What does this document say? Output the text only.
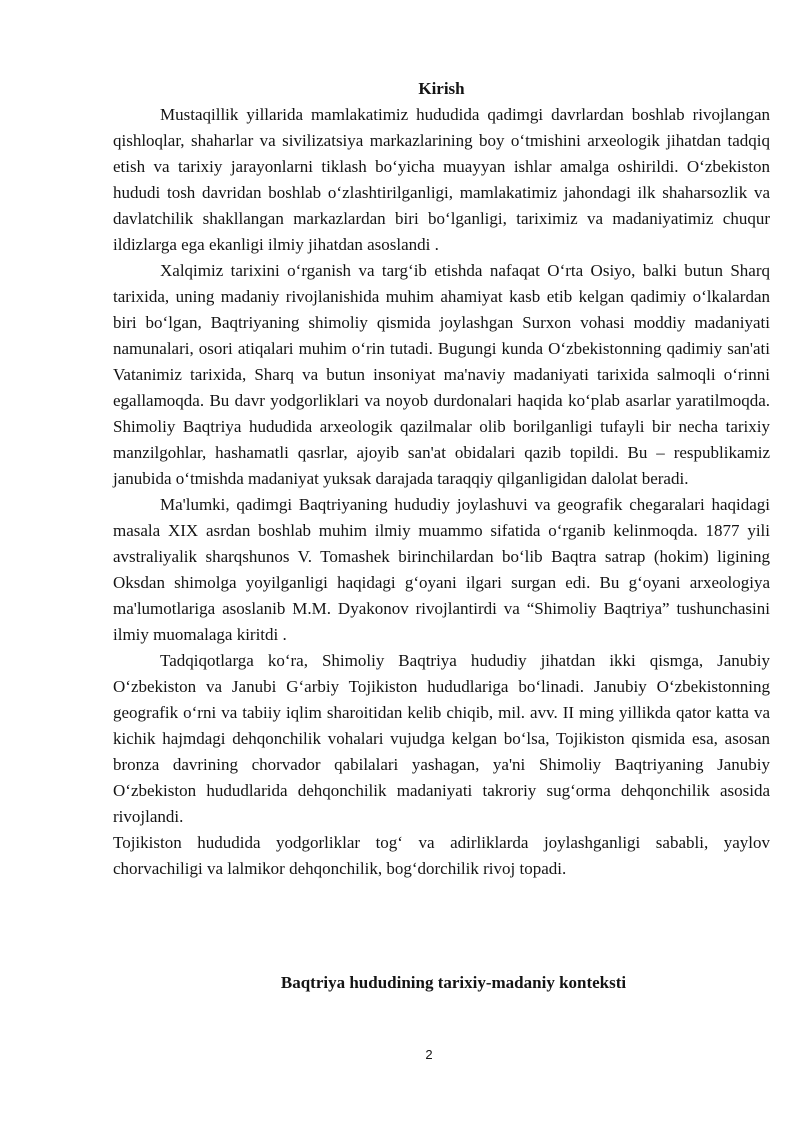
Kirish

Mustaqillik yillarida mamlakatimiz hududida qadimgi davrlardan boshlab rivojlangan qishloqlar, shaharlar va sivilizatsiya markazlarining boy oʻtmishini arxeologik jihatdan tadqiq etish va tarixiy jarayonlarni tiklash boʻyicha muayyan ishlar amalga oshirildi. Oʻzbekiston hududi tosh davridan boshlab oʻzlashtirilganligi, mamlakatimiz jahondagi ilk shaharsozlik va davlatchilik shakllangan markazlardan biri boʻlganligi, tariximiz va madaniyatimiz chuqur ildizlarga ega ekanligi ilmiy jihatdan asoslandi .

Xalqimiz tarixini oʻrganish va targʻib etishda nafaqat Oʻrta Osiyo, balki butun Sharq tarixida, uning madaniy rivojlanishida muhim ahamiyat kasb etib kelgan qadimiy oʻlkalardan biri boʻlgan, Baqtriyaning shimoliy qismida joylashgan Surxon vohasi moddiy madaniyati namunalari, osori atiqalari muhim oʻrin tutadi. Bugungi kunda Oʻzbekistonning qadimiy san'ati Vatanimiz tarixida, Sharq va butun insoniyat ma'naviy madaniyati tarixida salmoqli oʻrinni egallamoqda. Bu davr yodgorliklari va noyob durdonalari haqida koʻplab asarlar yaratilmoqda. Shimoliy Baqtriya hududida arxeologik qazilmalar olib borilganligi tufayli bir necha tarixiy manzilgohlar, hashamatli qasrlar, ajoyib san'at obidalari qazib topildi. Bu – respublikamiz janubida oʻtmishda madaniyat yuksak darajada taraqqiy qilganligidan dalolat beradi.

Ma'lumki, qadimgi Baqtriyaning hududiy joylashuvi va geografik chegaralari haqidagi masala XIX asrdan boshlab muhim ilmiy muammo sifatida oʻrganib kelinmoqda. 1877 yili avstraliyalik sharqshunos V. Tomashek birinchilardan boʻlib Baqtra satrap (hokim) ligining Oksdan shimolga yoyilganligi haqidagi gʻoyani ilgari surgan edi. Bu gʻoyani arxeologiya ma'lumotlariga asoslanib M.M. Dyakonov rivojlantirdi va “Shimoliy Baqtriya” tushunchasini ilmiy muomalaga kiritdi .

Tadqiqotlarga koʻra, Shimoliy Baqtriya hududiy jihatdan ikki qismga, Janubiy Oʻzbekiston va Janubi Gʻarbiy Tojikiston hududlariga boʻlinadi. Janubiy Oʻzbekistonning geografik oʻrni va tabiiy iqlim sharoitidan kelib chiqib, mil. avv. II ming yillikda qator katta va kichik hajmdagi dehqonchilik vohalari vujudga kelgan boʻlsa, Tojikiston qismida esa, asosan bronza davrining chorvador qabilalari yashagan, ya'ni Shimoliy Baqtriyaning Janubiy Oʻzbekiston hududlarida dehqonchilik madaniyati takroriy sugʻorma dehqonchilik asosida rivojlandi.

Tojikiston hududida yodgorliklar togʻ va adirliklarda joylashganligi sababli, yaylov chorvachiligi va lalmikor dehqonchilik, bogʻdorchilik rivoj topadi.

Baqtriya hududining tarixiy-madaniy konteksti
2
